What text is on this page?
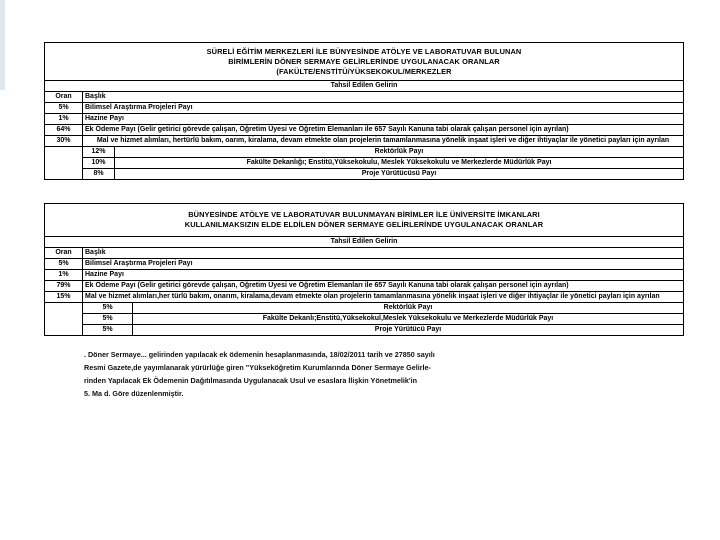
SÜRELİ EĞİTİM MERKEZLERİ İLE BÜNYESİNDE ATÖLYE VE LABORATUVAR BULUNAN
BİRİMLERİN DÖNER SERMAYE GELİRLERİNDE UYGULANACAK ORANLAR
(FAKÜLTE/ENSTİTÜ/YÜKSEKOKUL/MERKEZLER		

Tahsil Edilen Gelirin		
Oran	Başlık	
5%	Bilimsel Araştırma Projeleri Payı	
1%	Hazine Payı	
64%	Ek Ödeme Payı (Gelir getirici görevde çalışan, Öğretim Üyesi ve Öğretim Elemanları ile 657 Sayılı Kanuna tabi olarak çalışan personel için ayrılan)	
30%	Mal ve hizmet alımları, hertürlü bakım, oarım, kiralama, devam etmekte olan projelerin tamamlanmasına yönelik inşaat işleri ve diğer ihtiyaçlar ile yönetici payları için ayrılan	
	12%	Rektörlük Payı
	10%	Fakülte Dekanlığı; Enstitü,Yüksekokulu, Meslek Yüksekokulu ve Merkezlerde Müdürlük Payı
	8%	Proje Yürütücüsü Payı
BÜNYESİNDE ATÖLYE VE LABORATUVAR BULUNMAYAN BİRİMLER İLE ÜNİVERSİTE İMKANLARI
KULLANILMAKSIZIN ELDE ELDİLEN DÖNER SERMAYE GELİRLERİNDE UYGULANACAK ORANLAR		

Tahsil Edilen Gelirin		
Oran	Başlık	
5%	Bilimsel Araştırma Projeleri Payı	
1%	Hazine Payı	
79%	Ek Ödeme Payı (Gelir getirici görevde çalışan, Öğretim Üyesi ve Öğretim Elemanları ile 657 Sayılı Kanuna tabi olarak çalışan personel için ayrılan)	
15%	Mal ve hizmet alımları,her türlü bakım, onarım, kiralama,devam etmekte olan projelerin tamamlanmasına yönelik inşaat işleri ve diğer ihtiyaçlar ile yönetici payları için ayrılan	
	5%	Rektörlük Payı
	5%	Fakülte Dekanlı;Enstitü,Yüksekokul,Meslek Yüksekokulu ve Merkezlerde Müdürlük Payı
	5%	Proje Yürütücü Payı
. Döner Sermaye... gelirinden yapılacak ek ödemenin hesaplanmasında, 18/02/2011 tarih ve 27850 sayılı
Resmi Gazete,de yayımlanarak yürürlüğe giren "Yükseköğretim Kurumlarında Döner Sermaye Gelirle-
rinden Yapılacak Ek Ödemenin Dağıtılmasında Uygulanacak Usul ve esaslara İlişkin Yönetmelik'in
5. Ma d. Göre düzenlenmiştir.
